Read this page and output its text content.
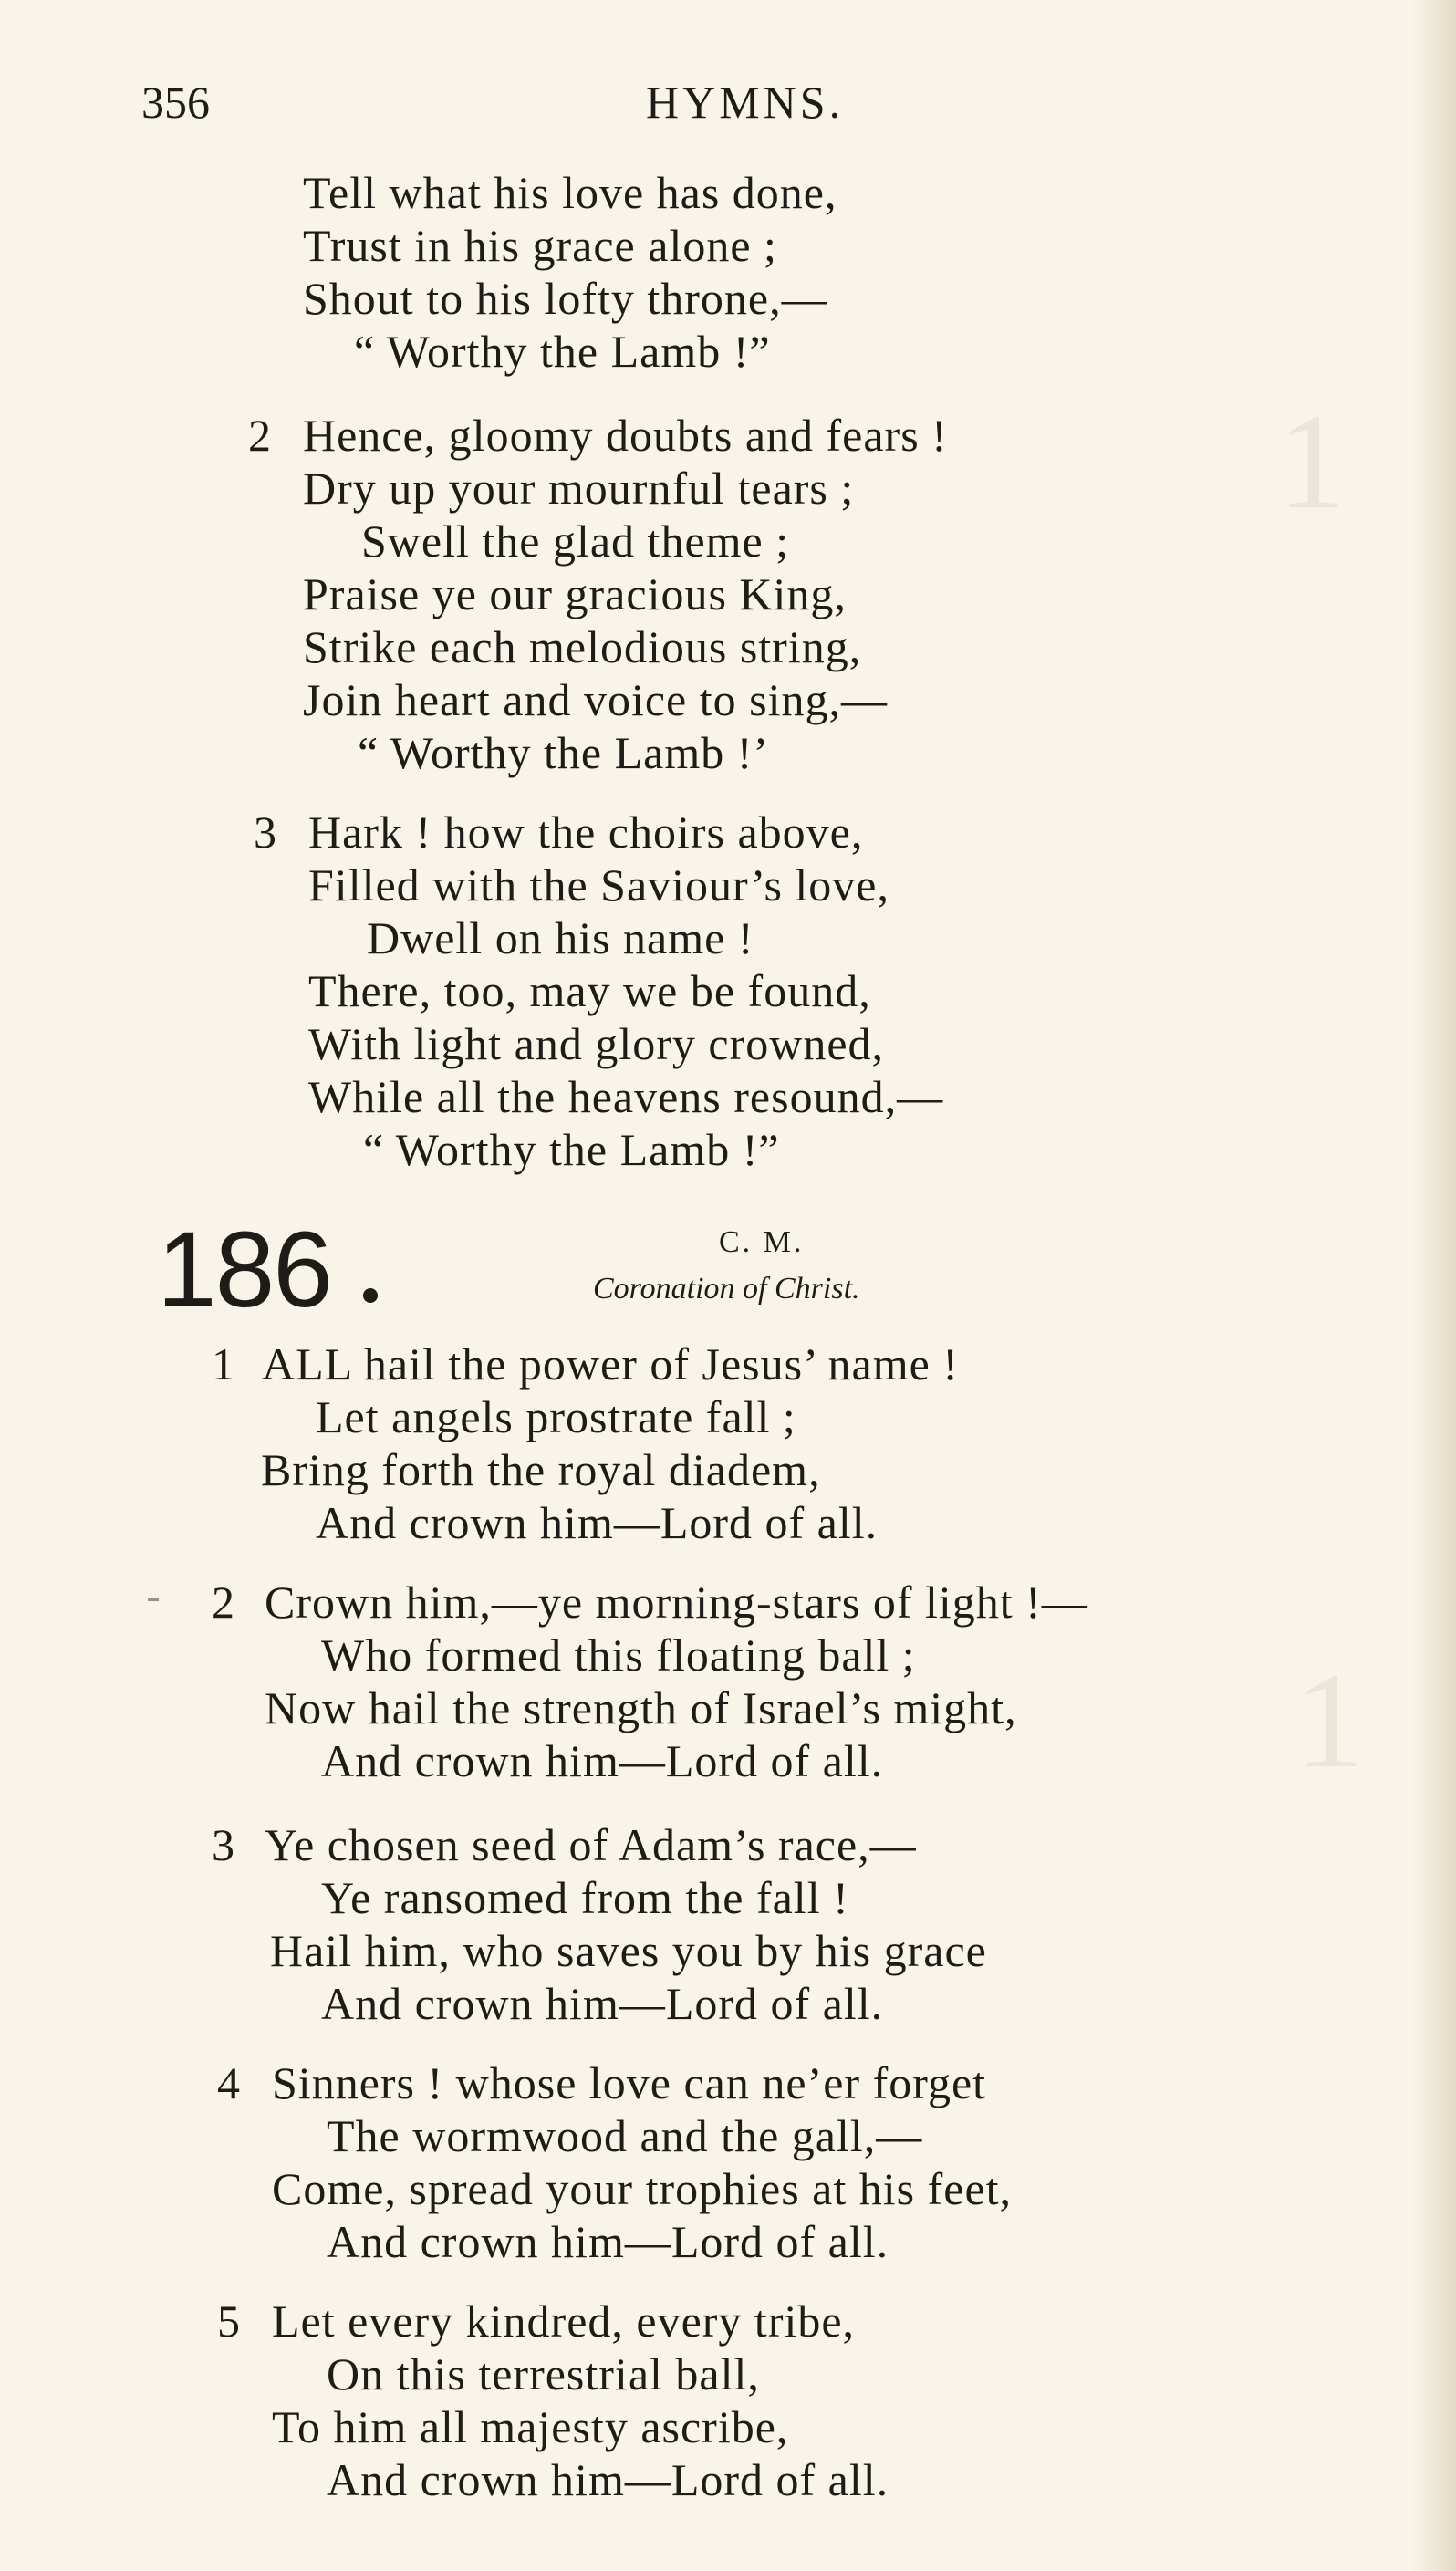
1
1
356	HYMNS.
Tell what his love has done,
Trust in his grace alone ;
Shout to his lofty throne,—
“ Worthy the Lamb !”
2 Hence, gloomy doubts and fears !
Dry up your mournful tears ;
Swell the glad theme ;
Praise ye our gracious King,
Strike each melodious string,
Join heart and voice to sing,—
“ Worthy the Lamb !’
3 Hark ! how the choirs above,
Filled with the Saviour’s love,
Dwell on his name !
There, too, may we be found,
With light and glory crowned,
While all the heavens resound,—
“ Worthy the Lamb !”
186	C. M.
Coronation of Christ.
1 ALL hail the power of Jesus’ name !
Let angels prostrate fall ;
Bring forth the royal diadem,
And crown him—Lord of all.
2 Crown him,—ye morning-stars of light !—
Who formed this floating ball ;
Now hail the strength of Israel’s might,
And crown him—Lord of all.
3 Ye chosen seed of Adam’s race,—
Ye ransomed from the fall !
Hail him, who saves you by his grace
And crown him—Lord of all.
4 Sinners ! whose love can ne’er forget
The wormwood and the gall,—
Come, spread your trophies at his feet,
And crown him—Lord of all.
5 Let every kindred, every tribe,
On this terrestrial ball,
To him all majesty ascribe,
And crown him—Lord of all.
